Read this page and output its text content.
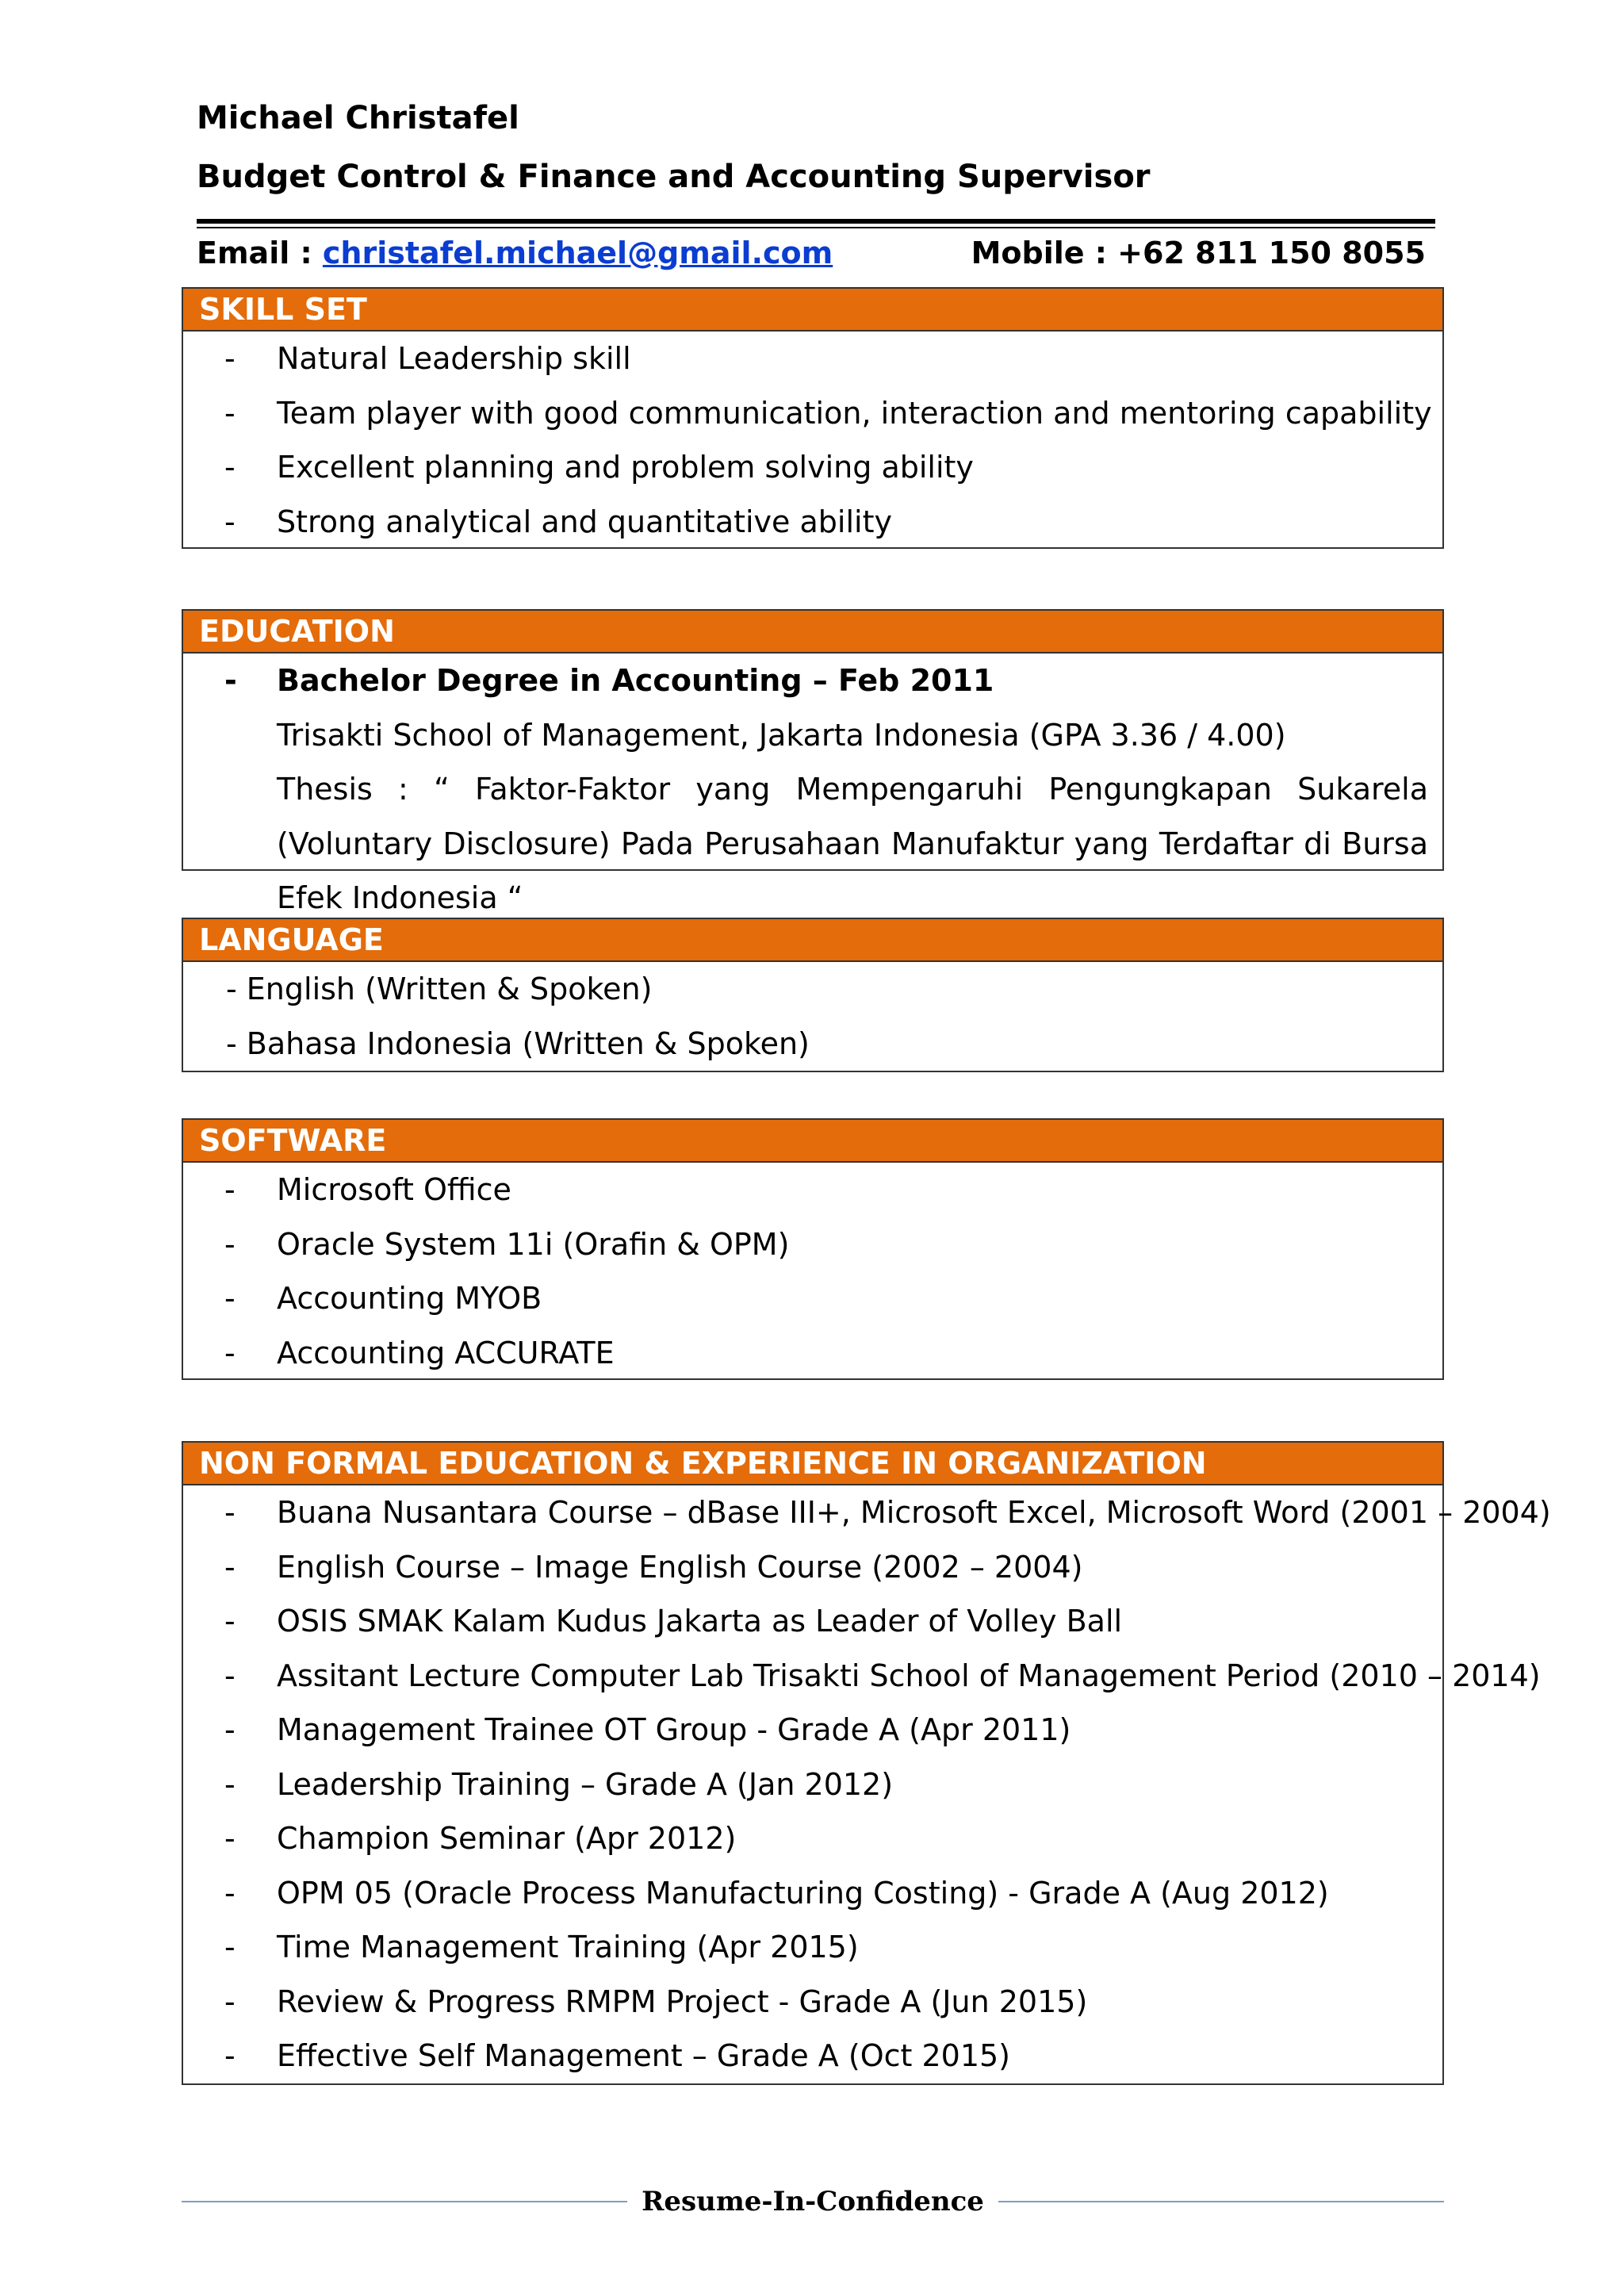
Michael Christafel
Budget Control & Finance and Accounting Supervisor
Email : christafel.michael@gmail.com	Mobile : +62 811 150 8055
SKILL SET
- Natural Leadership skill
- Team player with good communication, interaction and mentoring capability
- Excellent planning and problem solving ability
- Strong analytical and quantitative ability
EDUCATION
- Bachelor Degree in Accounting – Feb 2011
Trisakti School of Management, Jakarta Indonesia (GPA 3.36 / 4.00)
Thesis : “ Faktor-Faktor yang Mempengaruhi Pengungkapan Sukarela (Voluntary Disclosure) Pada Perusahaan Manufaktur yang Terdaftar di Bursa Efek Indonesia “
LANGUAGE
- English (Written & Spoken)
- Bahasa Indonesia (Written & Spoken)
SOFTWARE
- Microsoft Office
- Oracle System 11i (Orafin & OPM)
- Accounting MYOB
- Accounting ACCURATE
NON FORMAL EDUCATION & EXPERIENCE IN ORGANIZATION
- Buana Nusantara Course – dBase III+, Microsoft Excel, Microsoft Word (2001 – 2004)
- English Course – Image English Course (2002 – 2004)
- OSIS SMAK Kalam Kudus Jakarta as Leader of Volley Ball
- Assitant Lecture Computer Lab Trisakti School of Management Period (2010 – 2014)
- Management Trainee OT Group - Grade A (Apr 2011)
- Leadership Training – Grade A (Jan 2012)
- Champion Seminar (Apr 2012)
- OPM 05 (Oracle Process Manufacturing Costing) - Grade A (Aug 2012)
- Time Management Training (Apr 2015)
- Review & Progress RMPM Project - Grade A (Jun 2015)
- Effective Self Management – Grade A (Oct 2015)
Resume-In-Confidence
